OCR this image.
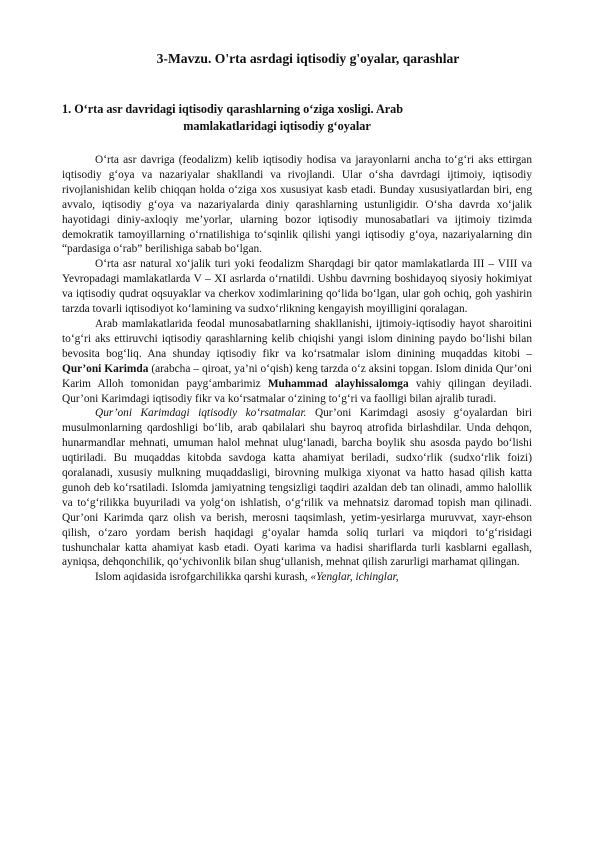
3-Mavzu. O'rta asrdagi iqtisodiy g'oyalar, qarashlar
1. O‘rta asr davridagi iqtisodiy qarashlarning o‘ziga xosligi. Arab
mamlakatlaridagi iqtisodiy g‘oyalar

O‘rta asr davriga (feodalizm) kelib iqtisodiy hodisa va jarayonlarni ancha to‘g‘ri aks ettirgan iqtisodiy g‘oya va nazariyalar shakllandi va rivojlandi. Ular o‘sha davrdagi ijtimoiy, iqtisodiy rivojlanishidan kelib chiqqan holda o‘ziga xos xususiyat kasb etadi. Bunday xususiyatlardan biri, eng avvalo, iqtisodiy g‘oya va nazariyalarda diniy qarashlarning ustunligidir. O‘sha davrda xo‘jalik hayotidagi diniy-axloqiy me’yorlar, ularning bozor iqtisodiy munosabatlari va ijtimoiy tizimda demokratik tamoyillarning o‘rnatilishiga to‘sqinlik qilishi yangi iqtisodiy g‘oya, nazariyalarning din “pardasiga o‘rab” berilishiga sabab bo‘lgan.

O‘rta asr natural xo‘jalik turi yoki feodalizm Sharqdagi bir qator mamlakatlarda III – VIII va Yevropadagi mamlakatlarda V – XI asrlarda o‘rnatildi. Ushbu davrning boshidayoq siyosiy hokimiyat va iqtisodiy qudrat oqsuyaklar va cherkov xodimlarining qo‘lida bo‘lgan, ular goh ochiq, goh yashirin tarzda tovarli iqtisodiyot ko‘lamining va sudxo‘rlikning kengayish moyilligini qoralagan.

Arab mamlakatlarida feodal munosabatlarning shakllanishi, ijtimoiy-iqtisodiy hayot sharoitini to‘g‘ri aks ettiruvchi iqtisodiy qarashlarning kelib chiqishi yangi islom dinining paydo bo‘lishi bilan bevosita bog‘liq. Ana shunday iqtisodiy fikr va ko‘rsatmalar islom dinining muqaddas kitobi – Qur’oni Karimda (arabcha – qiroat, ya’ni o‘qish) keng tarzda o‘z aksini topgan. Islom dinida Qur’oni Karim Alloh tomonidan payg‘ambarimiz Muhammad alayhissalomga vahiy qilingan deyiladi. Qur’oni Karimdagi iqtisodiy fikr va ko‘rsatmalar o‘zining to‘g‘ri va faolligi bilan ajralib turadi.

Qur’oni Karimdagi iqtisodiy ko‘rsatmalar. Qur’oni Karimdagi asosiy g‘oyalardan biri musulmonlarning qardoshligi bo‘lib, arab qabilalari shu bayroq atrofida birlashdilar. Unda dehqon, hunarmandlar mehnati, umuman halol mehnat ulug‘lanadi, barcha boylik shu asosda paydo bo‘lishi uqtiriladi. Bu muqaddas kitobda savdoga katta ahamiyat beriladi, sudxo‘rlik (sudxo‘rlik foizi) qoralanadi, xususiy mulkning muqaddasligi, birovning mulkiga xiyonat va hatto hasad qilish katta gunoh deb ko‘rsatiladi. Islomda jamiyatning tengsizligi taqdiri azaldan deb tan olinadi, ammo halollik va to‘g‘rilikka buyuriladi va yolg‘on ishlatish, o‘g‘rilik va mehnatsiz daromad topish man qilinadi. Qur’oni Karimda qarz olish va berish, merosni taqsimlash, yetim-yesirlarga muruvvat, xayr-ehson qilish, o‘zaro yordam berish haqidagi g‘oyalar hamda soliq turlari va miqdori to‘g‘risidagi tushunchalar katta ahamiyat kasb etadi. Oyati karima va hadisi shariflarda turli kasblarni egallash, ayniqsa, dehqonchilik, qo‘ychivonlik bilan shug‘ullanish, mehnat qilish zarurligi marhamat qilingan.

Islom aqidasida isrofgarchilikka qarshi kurash, «Yenglar, ichinglar,
